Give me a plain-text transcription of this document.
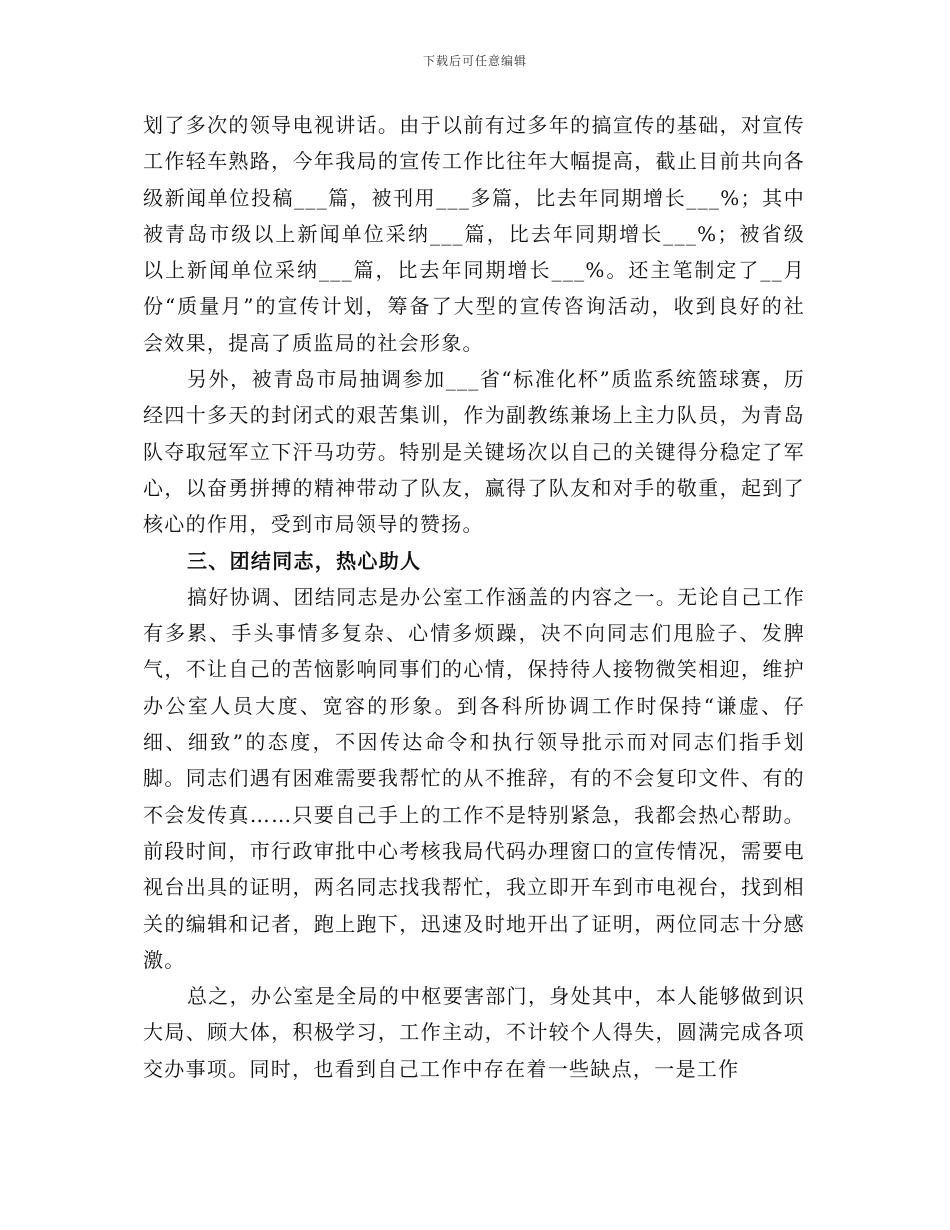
下载后可任意编辑

划了多次的领导电视讲话。由于以前有过多年的搞宣传的基础，对宣传工作轻车熟路，今年我局的宣传工作比往年大幅提高，截止目前共向各级新闻单位投稿___篇，被刊用___多篇，比去年同期增长___%；其中被青岛市级以上新闻单位采纳___篇，比去年同期增长___%；被省级以上新闻单位采纳___篇，比去年同期增长___%。还主笔制定了__月份“质量月”的宣传计划，筹备了大型的宣传咨询活动，收到良好的社会效果，提高了质监局的社会形象。

另外，被青岛市局抽调参加___省“标准化杯”质监系统篮球赛，历经四十多天的封闭式的艰苦集训，作为副教练兼场上主力队员，为青岛队夺取冠军立下汗马功劳。特别是关键场次以自己的关键得分稳定了军心，以奋勇拼搏的精神带动了队友，赢得了队友和对手的敬重，起到了核心的作用，受到市局领导的赞扬。

三、团结同志，热心助人

搞好协调、团结同志是办公室工作涵盖的内容之一。无论自己工作有多累、手头事情多复杂、心情多烦躁，决不向同志们甩脸子、发脾气，不让自己的苦恼影响同事们的心情，保持待人接物微笑相迎，维护办公室人员大度、宽容的形象。到各科所协调工作时保持“谦虚、仔细、细致”的态度，不因传达命令和执行领导批示而对同志们指手划脚。同志们遇有困难需要我帮忙的从不推辞，有的不会复印文件、有的不会发传真……只要自己手上的工作不是特别紧急，我都会热心帮助。前段时间，市行政审批中心考核我局代码办理窗口的宣传情况，需要电视台出具的证明，两名同志找我帮忙，我立即开车到市电视台，找到相关的编辑和记者，跑上跑下，迅速及时地开出了证明，两位同志十分感激。

总之，办公室是全局的中枢要害部门，身处其中，本人能够做到识大局、顾大体，积极学习，工作主动，不计较个人得失，圆满完成各项交办事项。同时，也看到自己工作中存在着一些缺点，一是工作
